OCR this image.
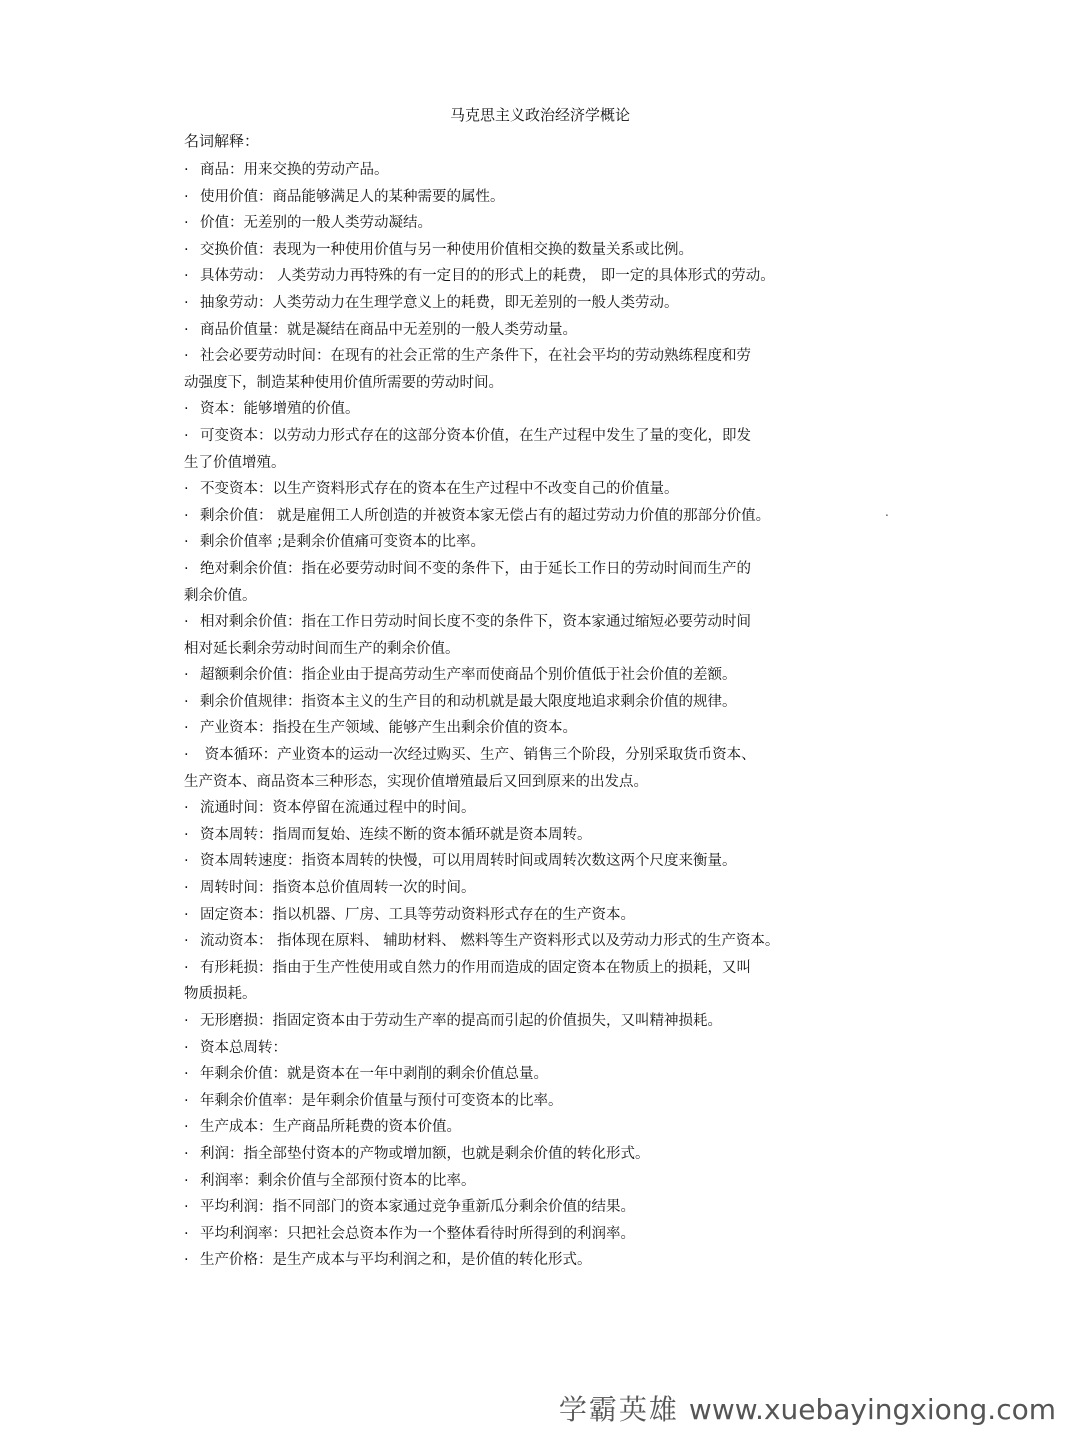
马克思主义政治经济学概论
名词解释：
· 商品：用来交换的劳动产品。
· 使用价值：商品能够满足人的某种需要的属性。
· 价值：无差别的一般人类劳动凝结。
· 交换价值：表现为一种使用价值与另一种使用价值相交换的数量关系或比例。
· 具体劳动： 人类劳动力再特殊的有一定目的的形式上的耗费， 即一定的具体形式的劳动。
· 抽象劳动：人类劳动力在生理学意义上的耗费，即无差别的一般人类劳动。
· 商品价值量：就是凝结在商品中无差别的一般人类劳动量。
· 社会必要劳动时间：在现有的社会正常的生产条件下，在社会平均的劳动熟练程度和劳
动强度下，制造某种使用价值所需要的劳动时间。
· 资本：能够增殖的价值。
· 可变资本：以劳动力形式存在的这部分资本价值，在生产过程中发生了量的变化，即发
生了价值增殖。
· 不变资本：以生产资料形式存在的资本在生产过程中不改变自己的价值量。
· 剩余价值： 就是雇佣工人所创造的并被资本家无偿占有的超过劳动力价值的那部分价值。
· 剩余价值率 ;是剩余价值痛可变资本的比率。
· 绝对剩余价值：指在必要劳动时间不变的条件下，由于延长工作日的劳动时间而生产的
剩余价值。
· 相对剩余价值：指在工作日劳动时间长度不变的条件下，资本家通过缩短必要劳动时间
相对延长剩余劳动时间而生产的剩余价值。
· 超额剩余价值：指企业由于提高劳动生产率而使商品个别价值低于社会价值的差额。
· 剩余价值规律：指资本主义的生产目的和动机就是最大限度地追求剩余价值的规律。
· 产业资本：指投在生产领域、能够产生出剩余价值的资本。
· 资本循环：产业资本的运动一次经过购买、生产、销售三个阶段，分别采取货币资本、
生产资本、商品资本三种形态，实现价值增殖最后又回到原来的出发点。
· 流通时间：资本停留在流通过程中的时间。
· 资本周转：指周而复始、连续不断的资本循环就是资本周转。
· 资本周转速度：指资本周转的快慢，可以用周转时间或周转次数这两个尺度来衡量。
· 周转时间：指资本总价值周转一次的时间。
· 固定资本：指以机器、厂房、工具等劳动资料形式存在的生产资本。
· 流动资本： 指体现在原料、 辅助材料、 燃料等生产资料形式以及劳动力形式的生产资本。
· 有形耗损：指由于生产性使用或自然力的作用而造成的固定资本在物质上的损耗，又叫
物质损耗。
· 无形磨损：指固定资本由于劳动生产率的提高而引起的价值损失，又叫精神损耗。
· 资本总周转：
· 年剩余价值：就是资本在一年中剥削的剩余价值总量。
· 年剩余价值率：是年剩余价值量与预付可变资本的比率。
· 生产成本：生产商品所耗费的资本价值。
· 利润：指全部垫付资本的产物或增加额，也就是剩余价值的转化形式。
· 利润率：剩余价值与全部预付资本的比率。
· 平均利润：指不同部门的资本家通过竞争重新瓜分剩余价值的结果。
· 平均利润率：只把社会总资本作为一个整体看待时所得到的利润率。
· 生产价格：是生产成本与平均利润之和，是价值的转化形式。
.
学霸英雄 www.xuebayingxiong.com
